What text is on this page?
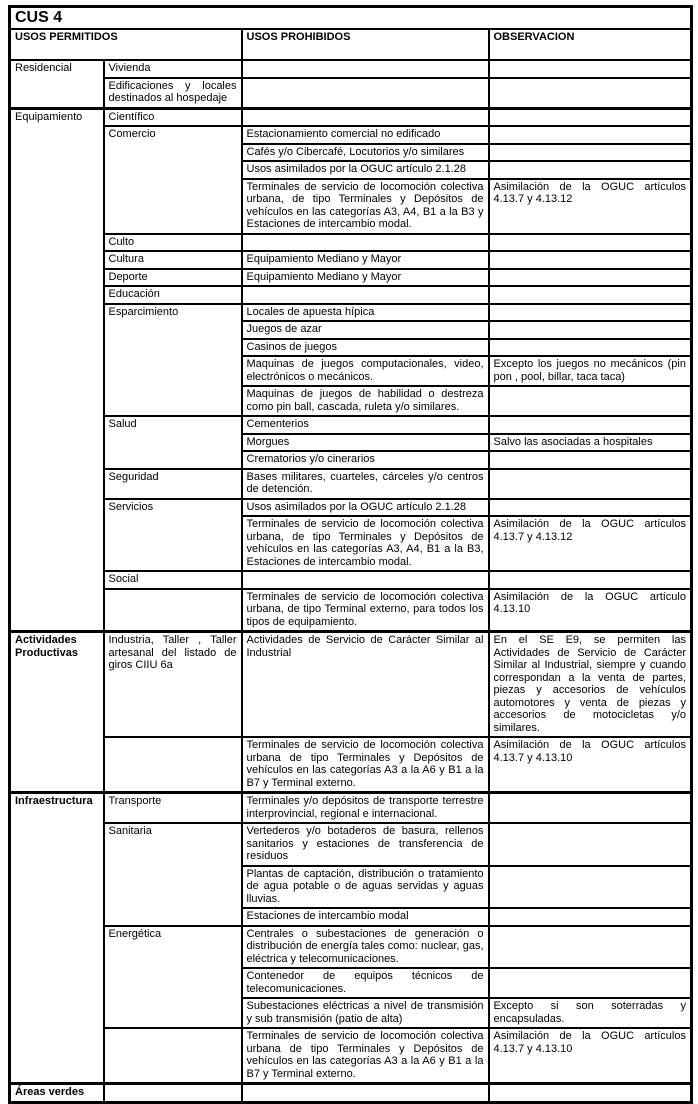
CUS 4			
USOS PERMITIDOS		USOS PROHIBIDOS	OBSERVACION
Residencial	Vivienda		
	Edificaciones y locales destinados al hospedaje		
Equipamiento	Científico		
	Comercio	Estacionamiento comercial no edificado	
		Cafés y/o Cibercafé, Locutorios y/o similares	
		Usos asimilados por la OGUC artículo 2.1.28	
		Terminales de servicio de locomoción colectiva urbana, de tipo Terminales y Depósitos de vehículos en las categorías A3, A4, B1 a la B3 y Estaciones de intercambio modal.	Asimilación de la OGUC artículos 4.13.7 y 4.13.12
	Culto		
	Cultura	Equipamiento Mediano y Mayor	
	Deporte	Equipamiento Mediano y Mayor	
	Educación		
	Esparcimiento	Locales de apuesta hípica	
		Juegos de azar	
		Casinos de juegos	
		Maquinas de juegos computacionales, video, electrónicos o mecánicos.	Excepto los juegos no mecánicos (pin pon , pool, billar, taca taca)
		Maquinas de juegos de habilidad o destreza como pin ball, cascada, ruleta y/o similares.	
	Salud	Cementerios	
		Morgues	Salvo las asociadas a hospitales
		Crematorios y/o cinerarios	
	Seguridad	Bases militares, cuarteles, cárceles y/o centros de detención.	
	Servicios	Usos asimilados por la OGUC artículo 2.1.28	
		Terminales de servicio de locomoción colectiva urbana, de tipo Terminales y Depósitos de vehículos en las categorías A3, A4, B1 a la B3, Estaciones de intercambio modal.	Asimilación de la OGUC artículos 4.13.7 y 4.13.12
	Social		
		Terminales de servicio de locomoción colectiva urbana, de tipo Terminal externo, para todos los tipos de equipamiento.	Asimilación de la OGUC artículo 4.13.10
Actividades Productivas	Industria, Taller , Taller artesanal del listado de giros CIIU 6a	Actividades de Servicio de Carácter Similar al Industrial	En el SE E9, se permiten las Actividades de Servicio de Carácter Similar al Industrial, siempre y cuando correspondan a la venta de partes, piezas y accesorios de vehículos automotores y venta de piezas y accesorios de motocicletas y/o similares.
		Terminales de servicio de locomoción colectiva urbana de tipo Terminales y Depósitos de vehículos en las categorías A3 a la A6 y B1 a la B7 y Terminal externo.	Asimilación de la OGUC artículos 4.13.7 y 4.13.10
Infraestructura	Transporte	Terminales y/o depósitos de transporte terrestre interprovincial, regional e internacional.	
	Sanitaria	Vertederos y/o botaderos de basura, rellenos sanitarios y estaciones de transferencia de residuos	
		Plantas de captación, distribución o tratamiento de agua potable o de aguas servidas y aguas lluvias.	
		Estaciones de intercambio modal	
	Energética	Centrales o subestaciones de generación o distribución de energía tales como: nuclear, gas, eléctrica y telecomunicaciones.	
		Contenedor de equipos técnicos de telecomunicaciones.	
		Subestaciones eléctricas a nivel de transmisión y sub transmisión (patio de alta)	Excepto si son soterradas y encapsuladas.
		Terminales de servicio de locomoción colectiva urbana de tipo Terminales y Depósitos de vehículos en las categorías A3 a la A6 y B1 a la B7 y Terminal externo.	Asimilación de la OGUC artículos 4.13.7 y 4.13.10
Áreas verdes			
